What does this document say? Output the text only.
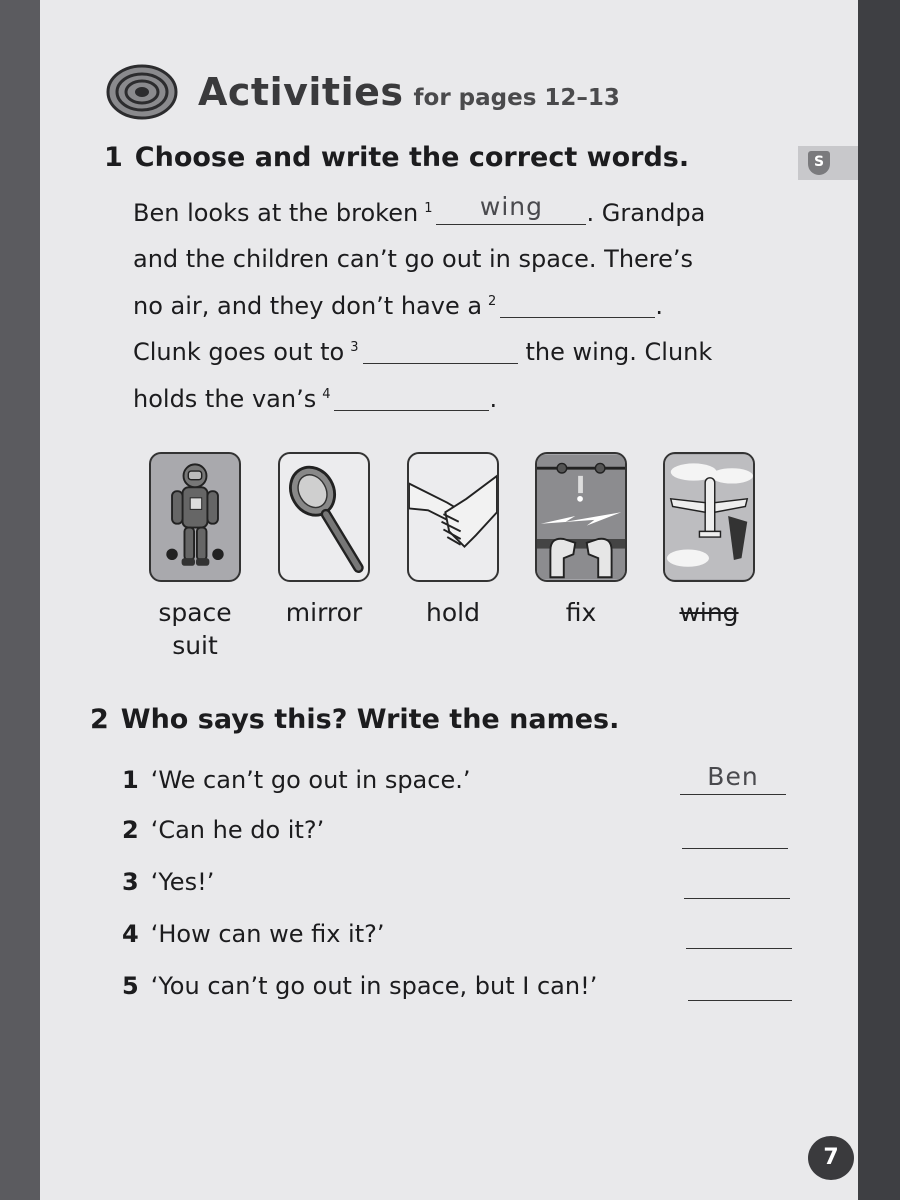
Activities for pages 12–13
S
1 Choose and write the correct words.
Ben looks at the broken $^1$	wing	. Grandpa
and the children can’t go out in space. There’s
no air, and they don’t have a $^2$	.
Clunk goes out to $^3$	the wing. Clunk
holds the van’s $^4$	.
space
suit
mirror	hold	fix	wing
2 Who says this? Write the names.
1 ‘We can’t go out in space.’	Ben
2 ‘Can he do it?’
3 ‘Yes!’
4 ‘How can we fix it?’
5 ‘You can’t go out in space, but I can!’
7
